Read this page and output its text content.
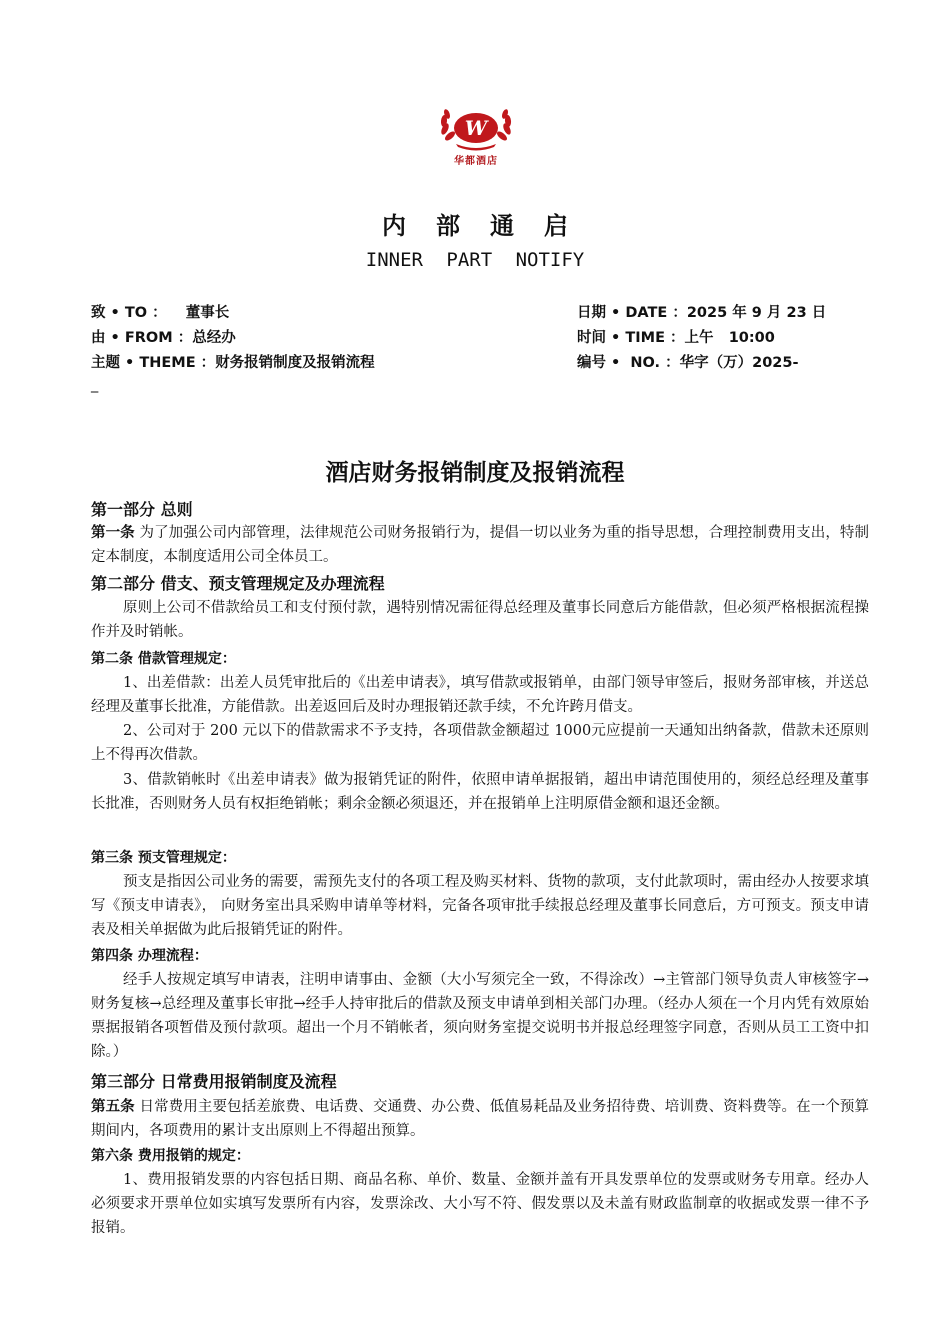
W
华都酒店
内部通启
INNER PART NOTIFY
致 • TO ： 董事长
由 • FROM ：总经办
主题 • THEME ：财务报销制度及报销流程
_
日期 • DATE ：2025 年 9 月 23 日
时间 • TIME ：上午   10:00
编号 •  NO. ：华字（万）2025-
酒店财务报销制度及报销流程
第一部分 总则
第一条 为了加强公司内部管理，法律规范公司财务报销行为，提倡一切以业务为重的指导思想，合理控制费用支出，特制定本制度，本制度适用公司全体员工。
第二部分 借支、预支管理规定及办理流程
原则上公司不借款给员工和支付预付款，遇特别情况需征得总经理及董事长同意后方能借款，但必须严格根据流程操作并及时销帐。
第二条 借款管理规定：
1、出差借款：出差人员凭审批后的《出差申请表》，填写借款或报销单，由部门领导审签后，报财务部审核，并送总经理及董事长批准，方能借款。出差返回后及时办理报销还款手续，不允许跨月借支。
2、公司对于 200 元以下的借款需求不予支持，各项借款金额超过 1000元应提前一天通知出纳备款，借款未还原则上不得再次借款。
3、借款销帐时《出差申请表》做为报销凭证的附件，依照申请单据报销，超出申请范围使用的，须经总经理及董事长批准，否则财务人员有权拒绝销帐；剩余金额必须退还，并在报销单上注明原借金额和退还金额。
第三条 预支管理规定：
预支是指因公司业务的需要，需预先支付的各项工程及购买材料、货物的款项，支付此款项时，需由经办人按要求填写《预支申请表》， 向财务室出具采购申请单等材料，完备各项审批手续报总经理及董事长同意后，方可预支。预支申请表及相关单据做为此后报销凭证的附件。
第四条 办理流程：
经手人按规定填写申请表，注明申请事由、金额（大小写须完全一致，不得涂改）→主管部门领导负责人审核签字→财务复核→总经理及董事长审批→经手人持审批后的借款及预支申请单到相关部门办理。（经办人须在一个月内凭有效原始票据报销各项暂借及预付款项。超出一个月不销帐者，须向财务室提交说明书并报总经理签字同意，否则从员工工资中扣除。）
第三部分 日常费用报销制度及流程
第五条 日常费用主要包括差旅费、电话费、交通费、办公费、低值易耗品及业务招待费、培训费、资料费等。在一个预算期间内，各项费用的累计支出原则上不得超出预算。
第六条 费用报销的规定：
1、费用报销发票的内容包括日期、商品名称、单价、数量、金额并盖有开具发票单位的发票或财务专用章。经办人必须要求开票单位如实填写发票所有内容，发票涂改、大小写不符、假发票以及未盖有财政监制章的收据或发票一律不予报销。
